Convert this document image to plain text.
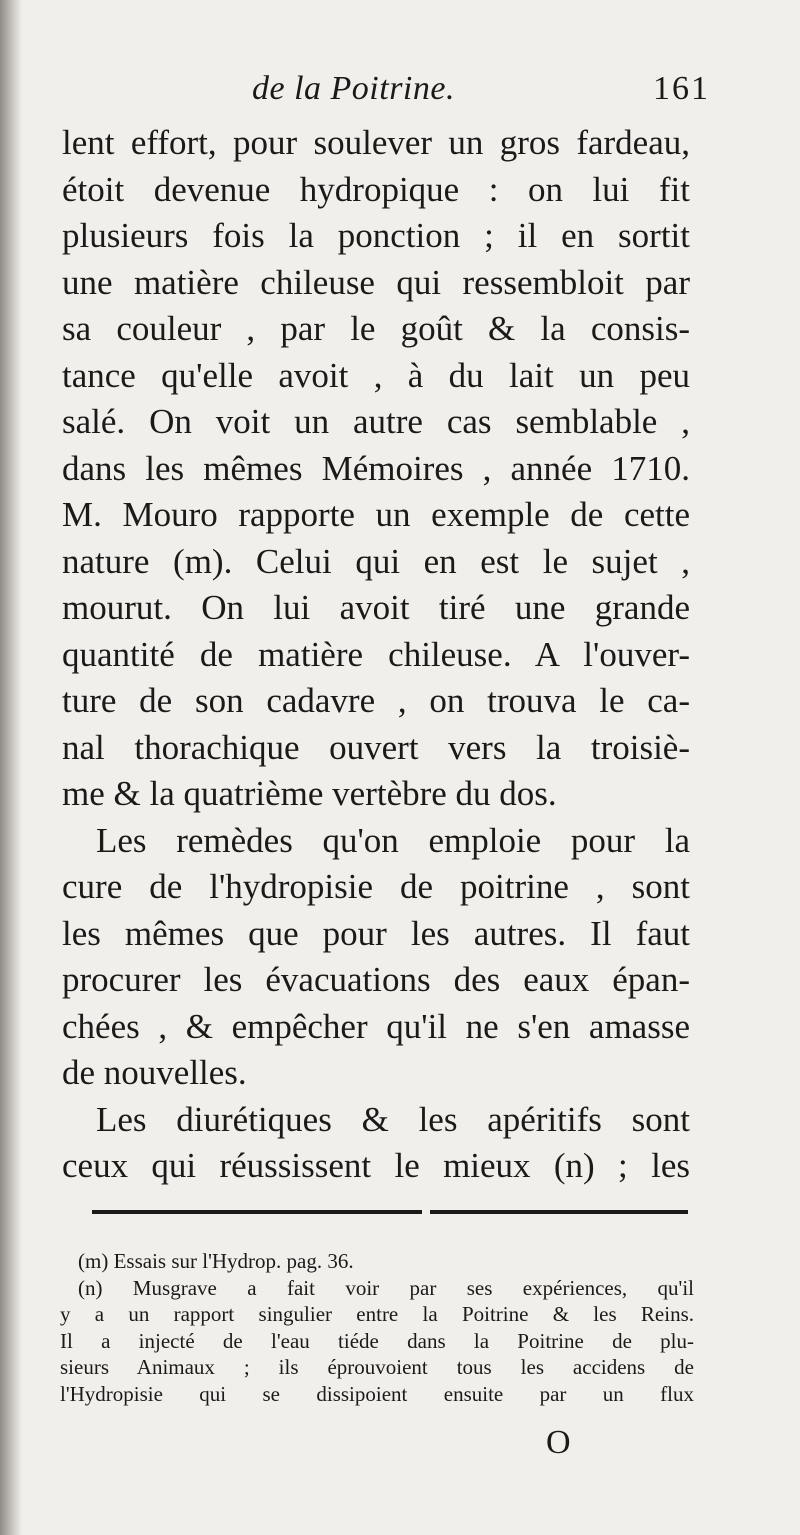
de la Poitrine.	161
lent effort, pour soulever un gros fardeau,
étoit devenue hydropique : on lui fit
plusieurs fois la ponction ; il en sortit
une matière chileuse qui ressembloit par
sa couleur , par le goût & la consis-
tance qu'elle avoit , à du lait un peu
salé. On voit un autre cas semblable ,
dans les mêmes Mémoires , année 1710.
M. Mouro rapporte un exemple de cette
nature (m). Celui qui en est le sujet ,
mourut. On lui avoit tiré une grande
quantité de matière chileuse. A l'ouver-
ture de son cadavre , on trouva le ca-
nal thorachique ouvert vers la troisiè-
me & la quatrième vertèbre du dos.
Les remèdes qu'on emploie pour la
cure de l'hydropisie de poitrine , sont
les mêmes que pour les autres. Il faut
procurer les évacuations des eaux épan-
chées , & empêcher qu'il ne s'en amasse
de nouvelles.
Les diurétiques & les apéritifs sont
ceux qui réussissent le mieux (n) ; les
(m) Essais sur l'Hydrop. pag. 36.
(n) Musgrave a fait voir par ses expériences, qu'il
y a un rapport singulier entre la Poitrine & les Reins.
Il a injecté de l'eau tiéde dans la Poitrine de plu-
sieurs Animaux ; ils éprouvoient tous les accidens de
l'Hydropisie qui se dissipoient ensuite par un flux
O
